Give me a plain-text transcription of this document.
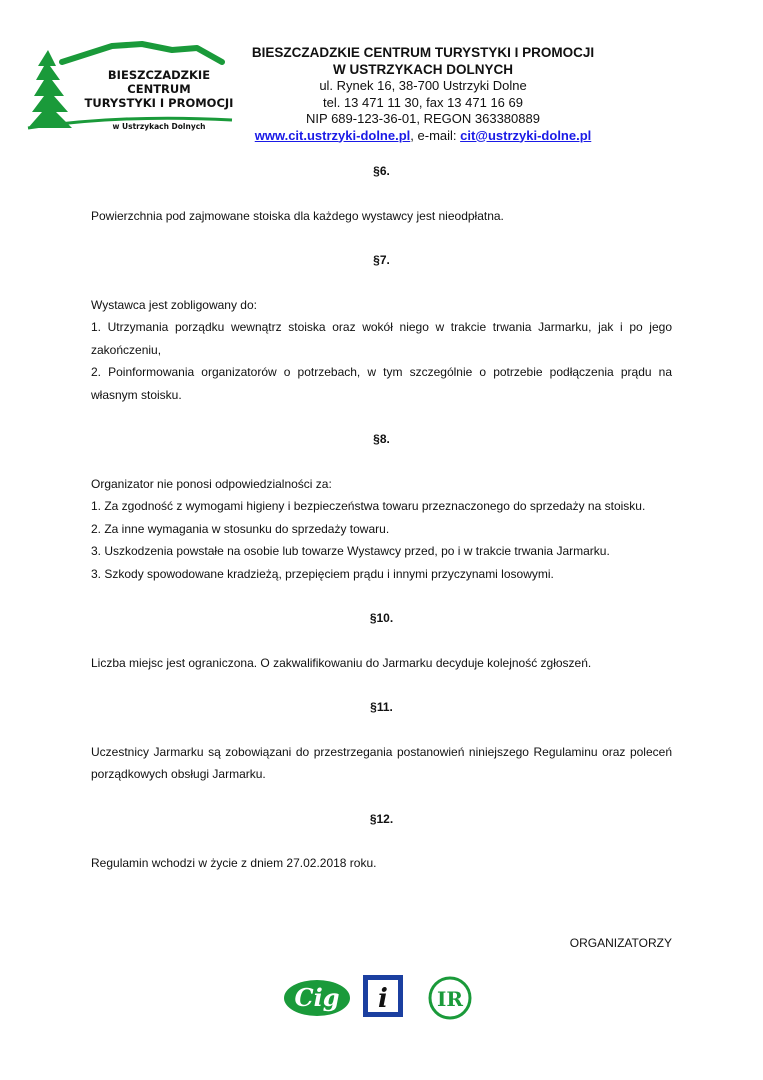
BIESZCZADZKIE
CENTRUM
TURYSTYKI I PROMOCJI
w Ustrzykach Dolnych
BIESZCZADZKIE CENTRUM TURYSTYKI I PROMOCJI
W USTRZYKACH DOLNYCH
ul. Rynek 16, 38-700 Ustrzyki Dolne
tel. 13 471 11 30, fax 13 471 16 69
NIP 689-123-36-01, REGON 363380889
www.cit.ustrzyki-dolne.pl, e-mail: cit@ustrzyki-dolne.pl

§6.

Powierzchnia pod zajmowane stoiska dla każdego wystawcy jest nieodpłatna.

§7.

Wystawca jest zobligowany do:

1. Utrzymania porządku wewnątrz stoiska oraz wokół niego w trakcie trwania Jarmarku, jak i po jego zakończeniu,

2. Poinformowania organizatorów o potrzebach, w tym szczególnie o potrzebie podłączenia prądu na własnym stoisku.

§8.

Organizator nie ponosi odpowiedzialności za:

1. Za zgodność z wymogami higieny i bezpieczeństwa towaru przeznaczonego do sprzedaży na stoisku.

2. Za inne wymagania w stosunku do sprzedaży towaru.

3. Uszkodzenia powstałe na osobie lub towarze Wystawcy przed, po i w trakcie trwania Jarmarku.

3. Szkody spowodowane kradzieżą, przepięciem prądu i innymi przyczynami losowymi.

§10.

Liczba miejsc jest ograniczona. O zakwalifikowaniu do Jarmarku decyduje kolejność zgłoszeń.

§11.

Uczestnicy Jarmarku są zobowiązani do przestrzegania postanowień niniejszego Regulaminu oraz poleceń porządkowych obsługi Jarmarku.

§12.

Regulamin wchodzi w życie z dniem 27.02.2018 roku.

ORGANIZATORZY
Cig i IR
